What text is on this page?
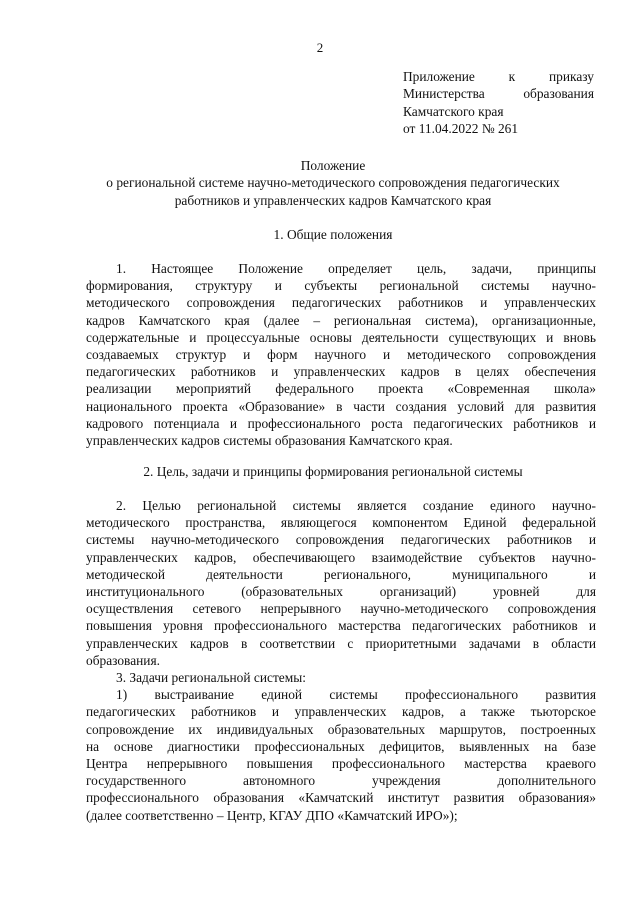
2
Приложение к приказу
Министерства образования
Камчатского края
от 11.04.2022 № 261
Положение
о региональной системе научно-методического сопровождения педагогических
работников и управленческих кадров Камчатского края
1. Общие положения
1. Настоящее Положение определяет цель, задачи, принципы
формирования, структуру и субъекты региональной системы научно-
методического сопровождения педагогических работников и управленческих
кадров Камчатского края (далее – региональная система), организационные,
содержательные и процессуальные основы деятельности существующих и вновь
создаваемых структур и форм научного и методического сопровождения
педагогических работников и управленческих кадров в целях обеспечения
реализации мероприятий федерального проекта «Современная школа»
национального проекта «Образование» в части создания условий для развития
кадрового потенциала и профессионального роста педагогических работников и
управленческих кадров системы образования Камчатского края.
2. Цель, задачи и принципы формирования региональной системы
2. Целью региональной системы является создание единого научно-
методического пространства, являющегося компонентом Единой федеральной
системы научно-методического сопровождения педагогических работников и
управленческих кадров, обеспечивающего взаимодействие субъектов научно-
методической деятельности регионального, муниципального и
институционального (образовательных организаций) уровней для
осуществления сетевого непрерывного научно-методического сопровождения
повышения уровня профессионального мастерства педагогических работников и
управленческих кадров в соответствии с приоритетными задачами в области
образования.
3. Задачи региональной системы:
1) выстраивание единой системы профессионального развития
педагогических работников и управленческих кадров, а также тьюторское
сопровождение их индивидуальных образовательных маршрутов, построенных
на основе диагностики профессиональных дефицитов, выявленных на базе
Центра непрерывного повышения профессионального мастерства краевого
государственного автономного учреждения дополнительного
профессионального образования «Камчатский институт развития образования»
(далее соответственно – Центр, КГАУ ДПО «Камчатский ИРО»);
